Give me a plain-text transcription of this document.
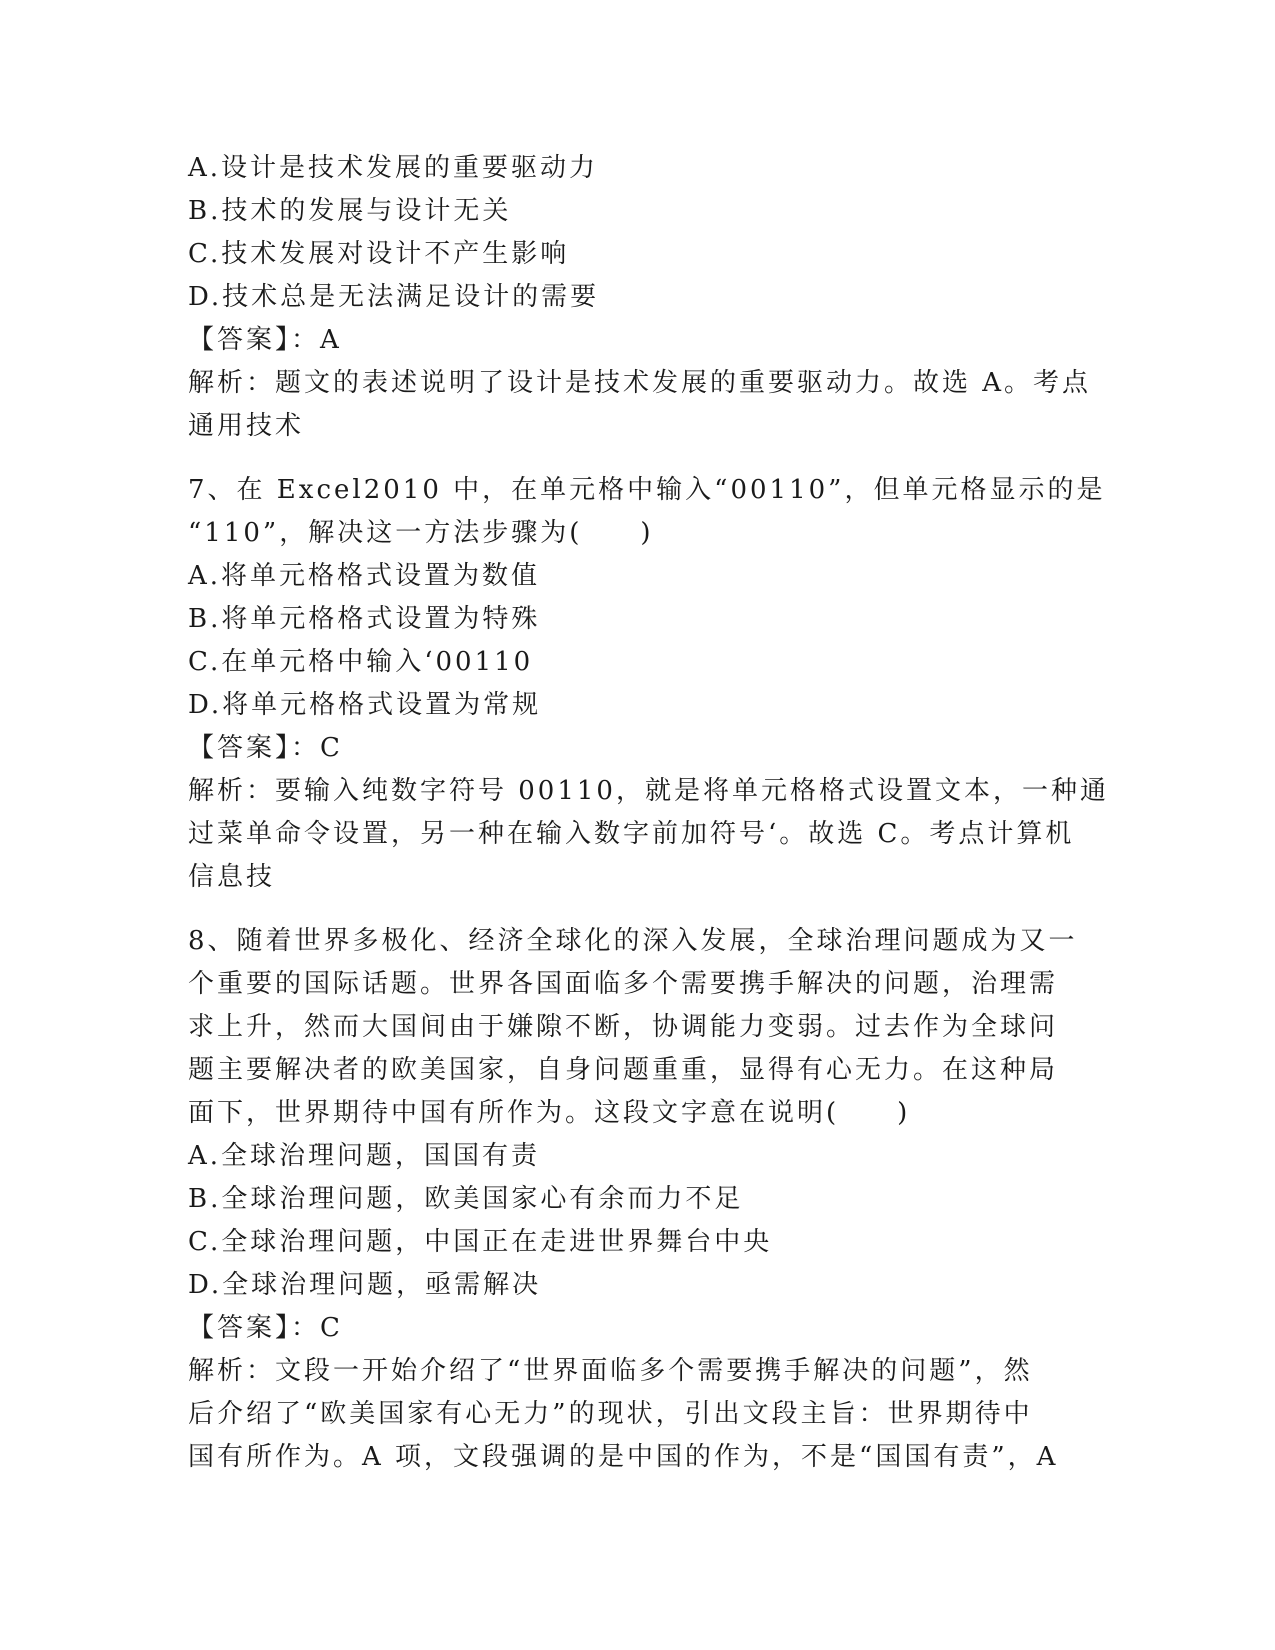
A.设计是技术发展的重要驱动力
B.技术的发展与设计无关
C.技术发展对设计不产生影响
D.技术总是无法满足设计的需要
【答案】：A
解析：题文的表述说明了设计是技术发展的重要驱动力。故选 A。考点
通用技术
7、在 Excel2010 中，在单元格中输入“00110”，但单元格显示的是
“110”，解决这一方法步骤为(　　)
A.将单元格格式设置为数值
B.将单元格格式设置为特殊
C.在单元格中输入‘00110
D.将单元格格式设置为常规
【答案】：C
解析：要输入纯数字符号 00110，就是将单元格格式设置文本，一种通
过菜单命令设置，另一种在输入数字前加符号‘。故选 C。考点计算机
信息技
8、随着世界多极化、经济全球化的深入发展，全球治理问题成为又一
个重要的国际话题。世界各国面临多个需要携手解决的问题，治理需
求上升，然而大国间由于嫌隙不断，协调能力变弱。过去作为全球问
题主要解决者的欧美国家，自身问题重重，显得有心无力。在这种局
面下，世界期待中国有所作为。这段文字意在说明(　　)
A.全球治理问题，国国有责
B.全球治理问题，欧美国家心有余而力不足
C.全球治理问题，中国正在走进世界舞台中央
D.全球治理问题，亟需解决
【答案】：C
解析：文段一开始介绍了“世界面临多个需要携手解决的问题”，然
后介绍了“欧美国家有心无力”的现状，引出文段主旨：世界期待中
国有所作为。A 项，文段强调的是中国的作为，不是“国国有责”，A
